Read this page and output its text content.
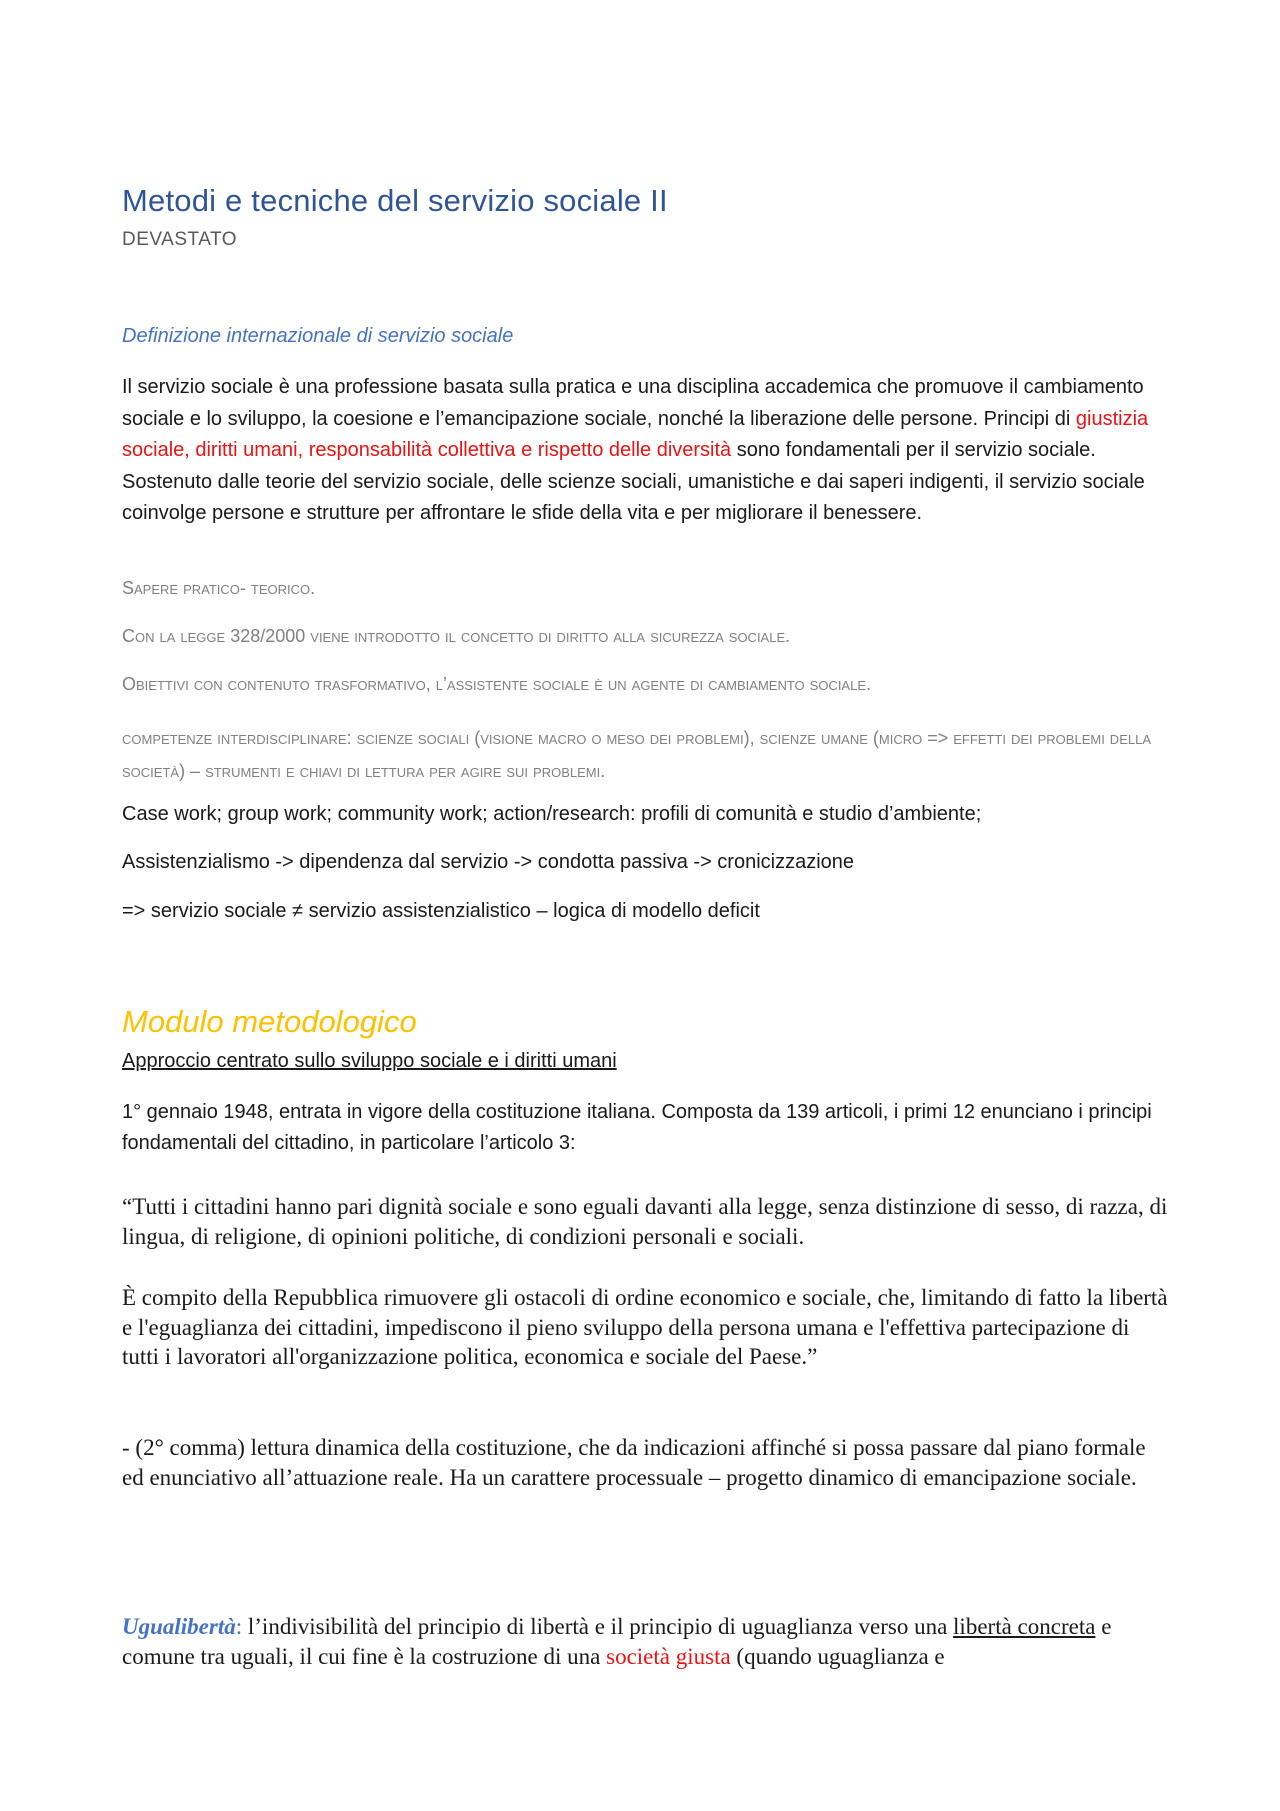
Metodi e tecniche del servizio sociale II
DEVASTATO
Definizione internazionale di servizio sociale

Il servizio sociale è una professione basata sulla pratica e una disciplina accademica che promuove il cambiamento sociale e lo sviluppo, la coesione e l’emancipazione sociale, nonché la liberazione delle persone. Principi di giustizia sociale, diritti umani, responsabilità collettiva e rispetto delle diversità sono fondamentali per il servizio sociale. Sostenuto dalle teorie del servizio sociale, delle scienze sociali, umanistiche e dai saperi indigenti, il servizio sociale coinvolge persone e strutture per affrontare le sfide della vita e per migliorare il benessere.

Sapere pratico- teorico.

Con la legge 328/2000 viene introdotto il concetto di diritto alla sicurezza sociale.

Obiettivi con contenuto trasformativo, l’assistente sociale è un agente di cambiamento sociale.

competenze interdisciplinare: scienze sociali (visione macro o meso dei problemi), scienze umane (micro => effetti dei problemi della società) – strumenti e chiavi di lettura per agire sui problemi.

Case work; group work; community work; action/research: profili di comunità e studio d’ambiente;

Assistenzialismo -> dipendenza dal servizio -> condotta passiva -> cronicizzazione

=> servizio sociale ≠ servizio assistenzialistico – logica di modello deficit

Modulo metodologico
Approccio centrato sullo sviluppo sociale e i diritti umani

1° gennaio 1948, entrata in vigore della costituzione italiana. Composta da 139 articoli, i primi 12 enunciano i principi fondamentali del cittadino, in particolare l’articolo 3:

“Tutti i cittadini hanno pari dignità sociale e sono eguali davanti alla legge, senza distinzione di sesso, di razza, di lingua, di religione, di opinioni politiche, di condizioni personali e sociali.

È compito della Repubblica rimuovere gli ostacoli di ordine economico e sociale, che, limitando di fatto la libertà e l'eguaglianza dei cittadini, impediscono il pieno sviluppo della persona umana e l'effettiva partecipazione di tutti i lavoratori all'organizzazione politica, economica e sociale del Paese.”

- (2° comma) lettura dinamica della costituzione, che da indicazioni affinché si possa passare dal piano formale ed enunciativo all’attuazione reale. Ha un carattere processuale – progetto dinamico di emancipazione sociale.

Ugualibertà: l’indivisibilità del principio di libertà e il principio di uguaglianza verso una libertà concreta e comune tra uguali, il cui fine è la costruzione di una società giusta (quando uguaglianza e
